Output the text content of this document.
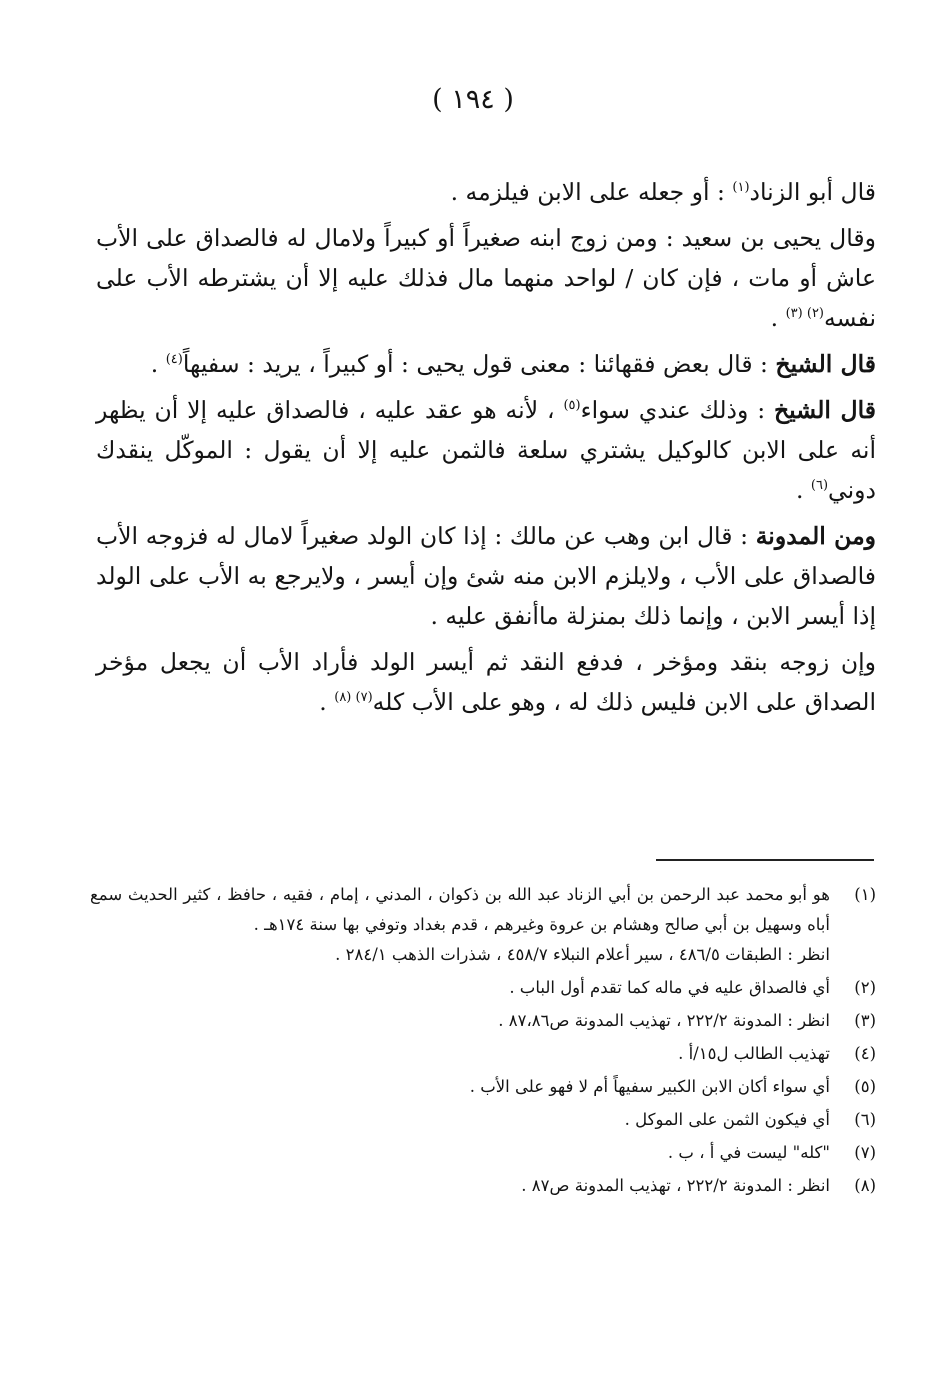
( ١٩٤ )

قال أبو الزناد$^{(١)}$ : أو جعله على الابن فيلزمه .

وقال يحيى بن سعيد : ومن زوج ابنه صغيراً أو كبيراً ولامال له فالصداق على الأب عاش أو مات ، فإن كان / لواحد منهما مال فذلك عليه إلا أن يشترطه الأب على نفسه$^{(٢) (٣)}$ .

قال الشيخ : قال بعض فقهائنا : معنى قول يحيى : أو كبيراً ، يريد : سفيهاً$^{(٤)}$ .

قال الشيخ : وذلك عندي سواء$^{(٥)}$ ، لأنه هو عقد عليه ، فالصداق عليه إلا أن يظهر أنه على الابن كالوكيل يشتري سلعة فالثمن عليه إلا أن يقول : الموكّل ينقدك دوني$^{(٦)}$ .

ومن المدونة : قال ابن وهب عن مالك : إذا كان الولد صغيراً لامال له فزوجه الأب فالصداق على الأب ، ولايلزم الابن منه شئ وإن أيسر ، ولايرجع به الأب على الولد إذا أيسر الابن ، وإنما ذلك بمنزلة ماأنفق عليه .

وإن زوجه بنقد ومؤخر ، فدفع النقد ثم أيسر الولد فأراد الأب أن يجعل مؤخر الصداق على الابن فليس ذلك له ، وهو على الأب كله$^{(٧) (٨)}$ .

(١)
هو أبو محمد عبد الرحمن بن أبي الزناد عبد الله بن ذكوان ، المدني ، إمام ، فقيه ، حافظ ، كثير الحديث سمع أباه وسهيل بن أبي صالح وهشام بن عروة وغيرهم ، قدم بغداد وتوفي بها سنة ١٧٤هـ .
انظر : الطبقات ٤٨٦/٥ ، سير أعلام النبلاء ٤٥٨/٧ ، شذرات الذهب ٢٨٤/١ .
(٢)
أي فالصداق عليه في ماله كما تقدم أول الباب .
(٣)
انظر : المدونة ٢٢٢/٢ ، تهذيب المدونة ص٨٧،٨٦ .
(٤)
تهذيب الطالب ل١٥/أ .
(٥)
أي سواء أكان الابن الكبير سفيهاً أم لا فهو على الأب .
(٦)
أي فيكون الثمن على الموكل .
(٧)
"كله" ليست في أ ، ب .
(٨)
انظر : المدونة ٢٢٢/٢ ، تهذيب المدونة ص٨٧ .
